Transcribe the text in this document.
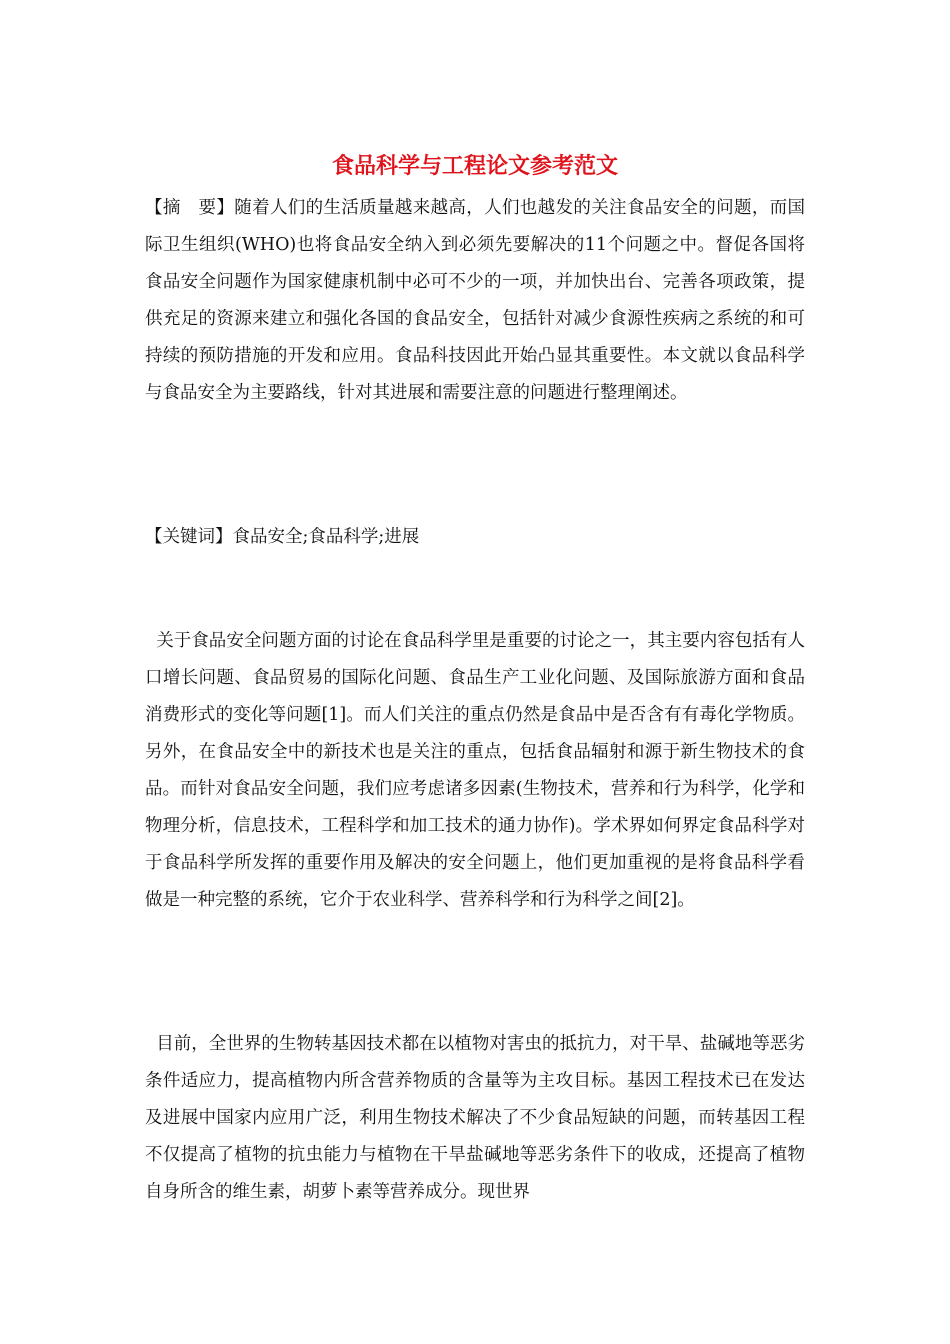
食品科学与工程论文参考范文

【摘　要】随着人们的生活质量越来越高，人们也越发的关注食品安全的问题，而国际卫生组织(WHO)也将食品安全纳入到必须先要解决的11个问题之中。督促各国将食品安全问题作为国家健康机制中必可不少的一项，并加快出台、完善各项政策，提供充足的资源来建立和强化各国的食品安全，包括针对减少食源性疾病之系统的和可持续的预防措施的开发和应用。食品科技因此开始凸显其重要性。本文就以食品科学与食品安全为主要路线，针对其进展和需要注意的问题进行整理阐述。

【关键词】食品安全;食品科学;进展

关于食品安全问题方面的讨论在食品科学里是重要的讨论之一，其主要内容包括有人口增长问题、食品贸易的国际化问题、食品生产工业化问题、及国际旅游方面和食品消费形式的变化等问题[1]。而人们关注的重点仍然是食品中是否含有有毒化学物质。另外，在食品安全中的新技术也是关注的重点，包括食品辐射和源于新生物技术的食品。而针对食品安全问题，我们应考虑诸多因素(生物技术，营养和行为科学，化学和物理分析，信息技术，工程科学和加工技术的通力协作)。学术界如何界定食品科学对于食品科学所发挥的重要作用及解决的安全问题上，他们更加重视的是将食品科学看做是一种完整的系统，它介于农业科学、营养科学和行为科学之间[2]。

目前，全世界的生物转基因技术都在以植物对害虫的抵抗力，对干旱、盐碱地等恶劣条件适应力，提高植物内所含营养物质的含量等为主攻目标。基因工程技术已在发达及进展中国家内应用广泛，利用生物技术解决了不少食品短缺的问题，而转基因工程不仅提高了植物的抗虫能力与植物在干旱盐碱地等恶劣条件下的收成，还提高了植物自身所含的维生素，胡萝卜素等营养成分。现世界
